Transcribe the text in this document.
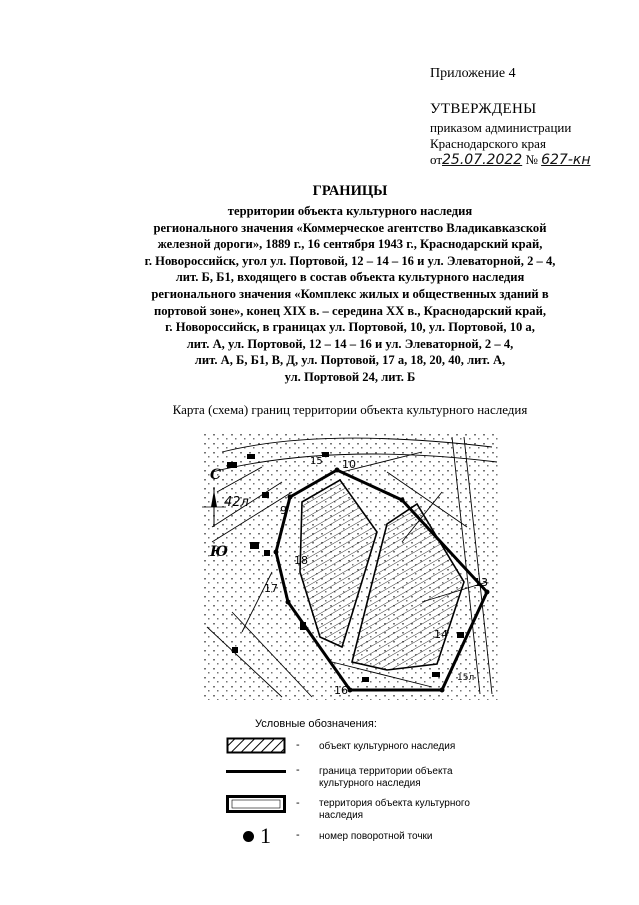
Приложение 4
УТВЕРЖДЕНЫ
приказом администрации
Краснодарского края
от25.07.2022 № 627-кн
ГРАНИЦЫ
территории объекта культурного наследия
регионального значения «Коммерческое агентство Владикавказской
железной дороги», 1889 г., 16 сентября 1943 г., Краснодарский край,
г. Новороссийск, угол ул. Портовой, 12 – 14 – 16 и ул. Элеваторной, 2 – 4,
лит. Б, Б1, входящего в состав объекта культурного наследия
регионального значения «Комплекс жилых и общественных зданий в
портовой зоне», конец XIX в. – середина XX в., Краснодарский край,
г. Новороссийск, в границах ул. Портовой, 10, ул. Портовой, 10 а,
лит. А, ул. Портовой, 12 – 14 – 16 и ул. Элеваторной, 2 – 4,
лит. А, Б, Б1, В, Д, ул. Портовой, 17 а, 18, 20, 40, лит. А,
ул. Портовой 24, лит. Б
Карта (схема) границ территории объекта культурного наследия
С
Ю
42л
9
10
18
17	13
14
15
16
15л
Условные обозначения:
- объект культурного наследия
- граница территории объекта
культурного наследия
- территория объекта культурного
наследия
1 - номер поворотной точки
